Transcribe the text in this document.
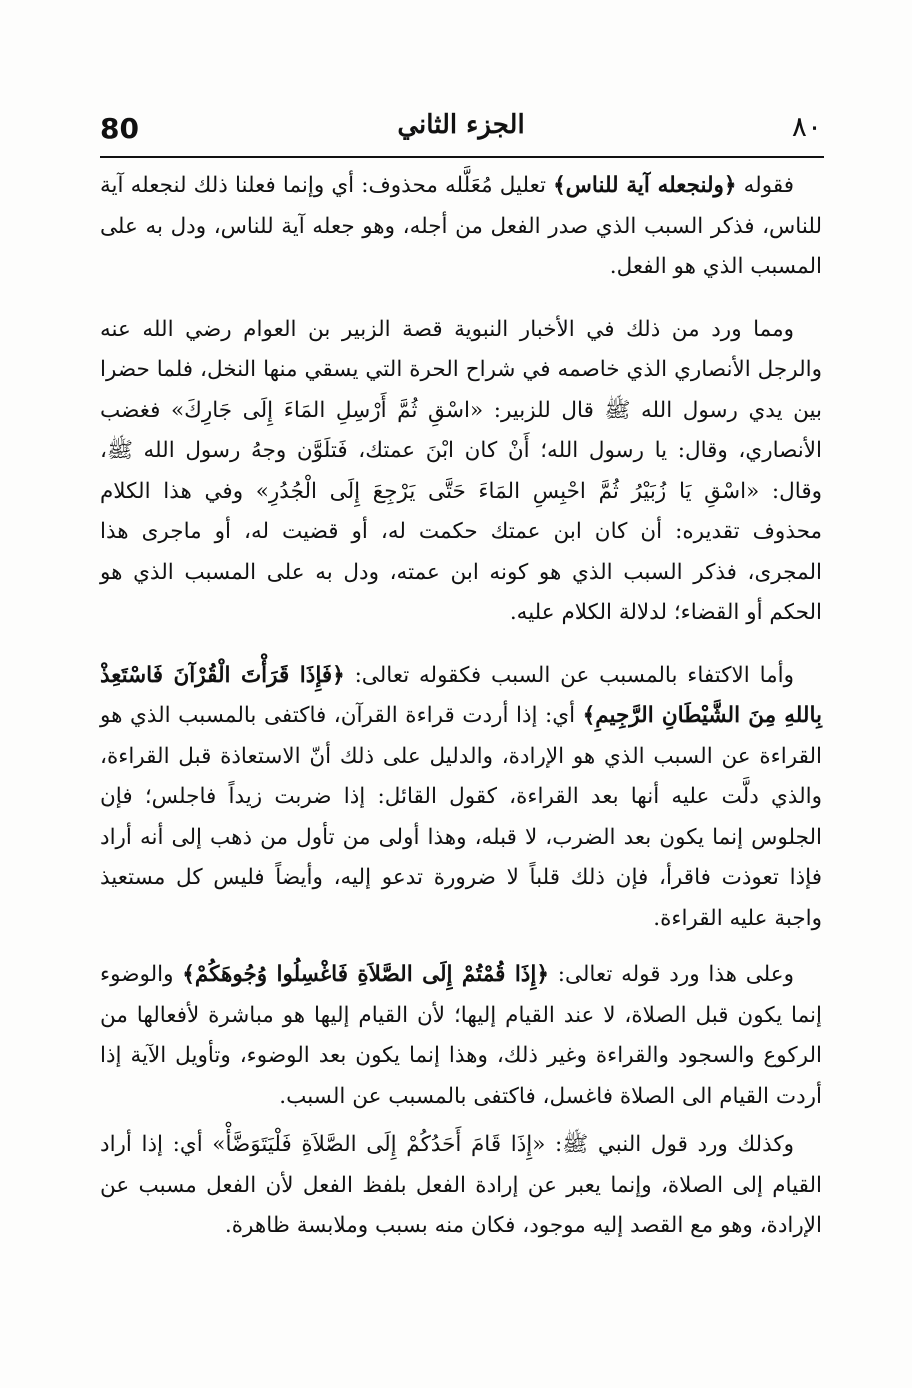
80	الجزء الثاني	٨٠

فقوله ﴿ولنجعله آية للناس﴾ تعليل مُعَلَّله محذوف: أي وإنما فعلنا ذلك لنجعله آية للناس، فذكر السبب الذي صدر الفعل من أجله، وهو جعله آية للناس، ودل به على المسبب الذي هو الفعل.

ومما ورد من ذلك في الأخبار النبوية قصة الزبير بن العوام رضي الله عنه والرجل الأنصاري الذي خاصمه في شراح الحرة التي يسقي منها النخل، فلما حضرا بين يدي رسول الله ﷺ قال للزبير: «اسْقِ ثُمَّ أَرْسِلِ المَاءَ إِلَى جَارِكَ» فغضب الأنصاري، وقال: يا رسول الله؛ أَنْ كان ابْنَ عمتك، فَتلَوَّن وجهُ رسول الله ﷺ، وقال: «اسْقِ يَا زُبَيْرُ ثُمَّ احْبِسِ المَاءَ حَتَّى يَرْجِعَ إِلَى الْجُدُرِ» وفي هذا الكلام محذوف تقديره: أن كان ابن عمتك حكمت له، أو قضيت له، أو ماجرى هذا المجرى، فذكر السبب الذي هو كونه ابن عمته، ودل به على المسبب الذي هو الحكم أو القضاء؛ لدلالة الكلام عليه.

وأما الاكتفاء بالمسبب عن السبب فكقوله تعالى: ﴿فَإِذَا قَرَأْتَ الْقُرْآنَ فَاسْتَعِذْ بِاللهِ مِنَ الشَّيْطَانِ الرَّجِيمِ﴾ أي: إذا أردت قراءة القرآن، فاكتفى بالمسبب الذي هو القراءة عن السبب الذي هو الإرادة، والدليل على ذلك أنّ الاستعاذة قبل القراءة، والذي دلَّت عليه أنها بعد القراءة، كقول القائل: إذا ضربت زيداً فاجلس؛ فإن الجلوس إنما يكون بعد الضرب، لا قبله، وهذا أولى من تأول من ذهب إلى أنه أراد فإذا تعوذت فاقرأ، فإن ذلك قلباً لا ضرورة تدعو إليه، وأيضاً فليس كل مستعيذ واجبة عليه القراءة.

وعلى هذا ورد قوله تعالى: ﴿إِذَا قُمْتُمْ إِلَى الصَّلاَةِ فَاغْسِلُوا وُجُوهَكُمْ﴾ والوضوء إنما يكون قبل الصلاة، لا عند القيام إليها؛ لأن القيام إليها هو مباشرة لأفعالها من الركوع والسجود والقراءة وغير ذلك، وهذا إنما يكون بعد الوضوء، وتأويل الآية إذا أردت القيام الى الصلاة فاغسل، فاكتفى بالمسبب عن السبب.

وكذلك ورد قول النبي ﷺ: «إِذَا قَامَ أَحَدُكُمْ إِلَى الصَّلاَةِ فَلْيَتَوَضَّأْ» أي: إذا أراد القيام إلى الصلاة، وإنما يعبر عن إرادة الفعل بلفظ الفعل لأن الفعل مسبب عن الإرادة، وهو مع القصد إليه موجود، فكان منه بسبب وملابسة ظاهرة.
